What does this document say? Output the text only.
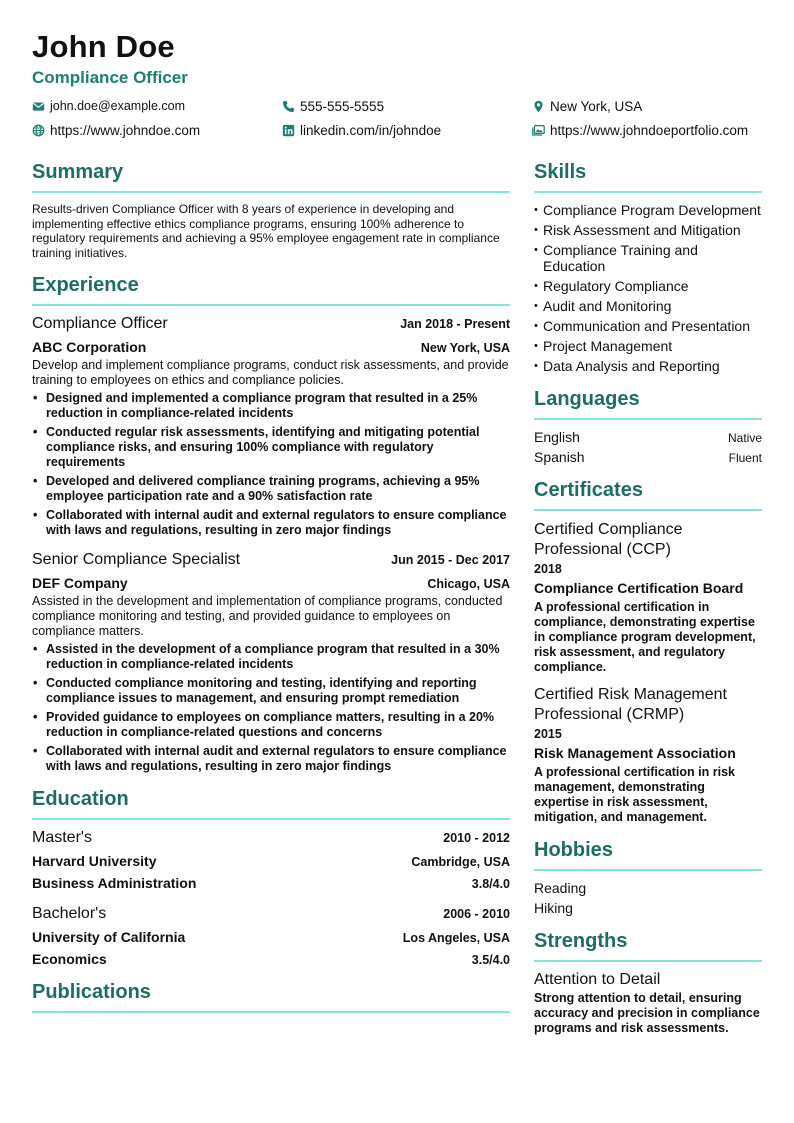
John Doe
Compliance Officer
john.doe@example.com	555-555-5555	New York, USA
https://www.johndoe.com	linkedin.com/in/johndoe	https://www.johndoeportfolio.com
Summary

Results-driven Compliance Officer with 8 years of experience in developing and implementing effective ethics compliance programs, ensuring 100% adherence to regulatory requirements and achieving a 95% employee engagement rate in compliance training initiatives.

Experience
Compliance Officer	Jan 2018 - Present
ABC Corporation	New York, USA
Develop and implement compliance programs, conduct risk assessments, and provide training to employees on ethics and compliance policies.
• Designed and implemented a compliance program that resulted in a 25% reduction in compliance-related incidents
• Conducted regular risk assessments, identifying and mitigating potential compliance risks, and ensuring 100% compliance with regulatory requirements
• Developed and delivered compliance training programs, achieving a 95% employee participation rate and a 90% satisfaction rate
• Collaborated with internal audit and external regulators to ensure compliance with laws and regulations, resulting in zero major findings
Senior Compliance Specialist	Jun 2015 - Dec 2017
DEF Company	Chicago, USA
Assisted in the development and implementation of compliance programs, conducted compliance monitoring and testing, and provided guidance to employees on compliance matters.
• Assisted in the development of a compliance program that resulted in a 30% reduction in compliance-related incidents
• Conducted compliance monitoring and testing, identifying and reporting compliance issues to management, and ensuring prompt remediation
• Provided guidance to employees on compliance matters, resulting in a 20% reduction in compliance-related questions and concerns
• Collaborated with internal audit and external regulators to ensure compliance with laws and regulations, resulting in zero major findings
Education
Master's	2010 - 2012
Harvard University	Cambridge, USA
Business Administration	3.8/4.0
Bachelor's	2006 - 2010
University of California	Los Angeles, USA
Economics	3.5/4.0
Publications
Skills
• Compliance Program Development
• Risk Assessment and Mitigation
• Compliance Training and Education
• Regulatory Compliance
• Audit and Monitoring
• Communication and Presentation
• Project Management
• Data Analysis and Reporting
Languages
English	Native
Spanish	Fluent
Certificates
Certified Compliance Professional (CCP)
2018
Compliance Certification Board
A professional certification in compliance, demonstrating expertise in compliance program development, risk assessment, and regulatory compliance.
Certified Risk Management Professional (CRMP)
2015
Risk Management Association
A professional certification in risk management, demonstrating expertise in risk assessment, mitigation, and management.
Hobbies
Reading
Hiking
Strengths
Attention to Detail
Strong attention to detail, ensuring accuracy and precision in compliance programs and risk assessments.
